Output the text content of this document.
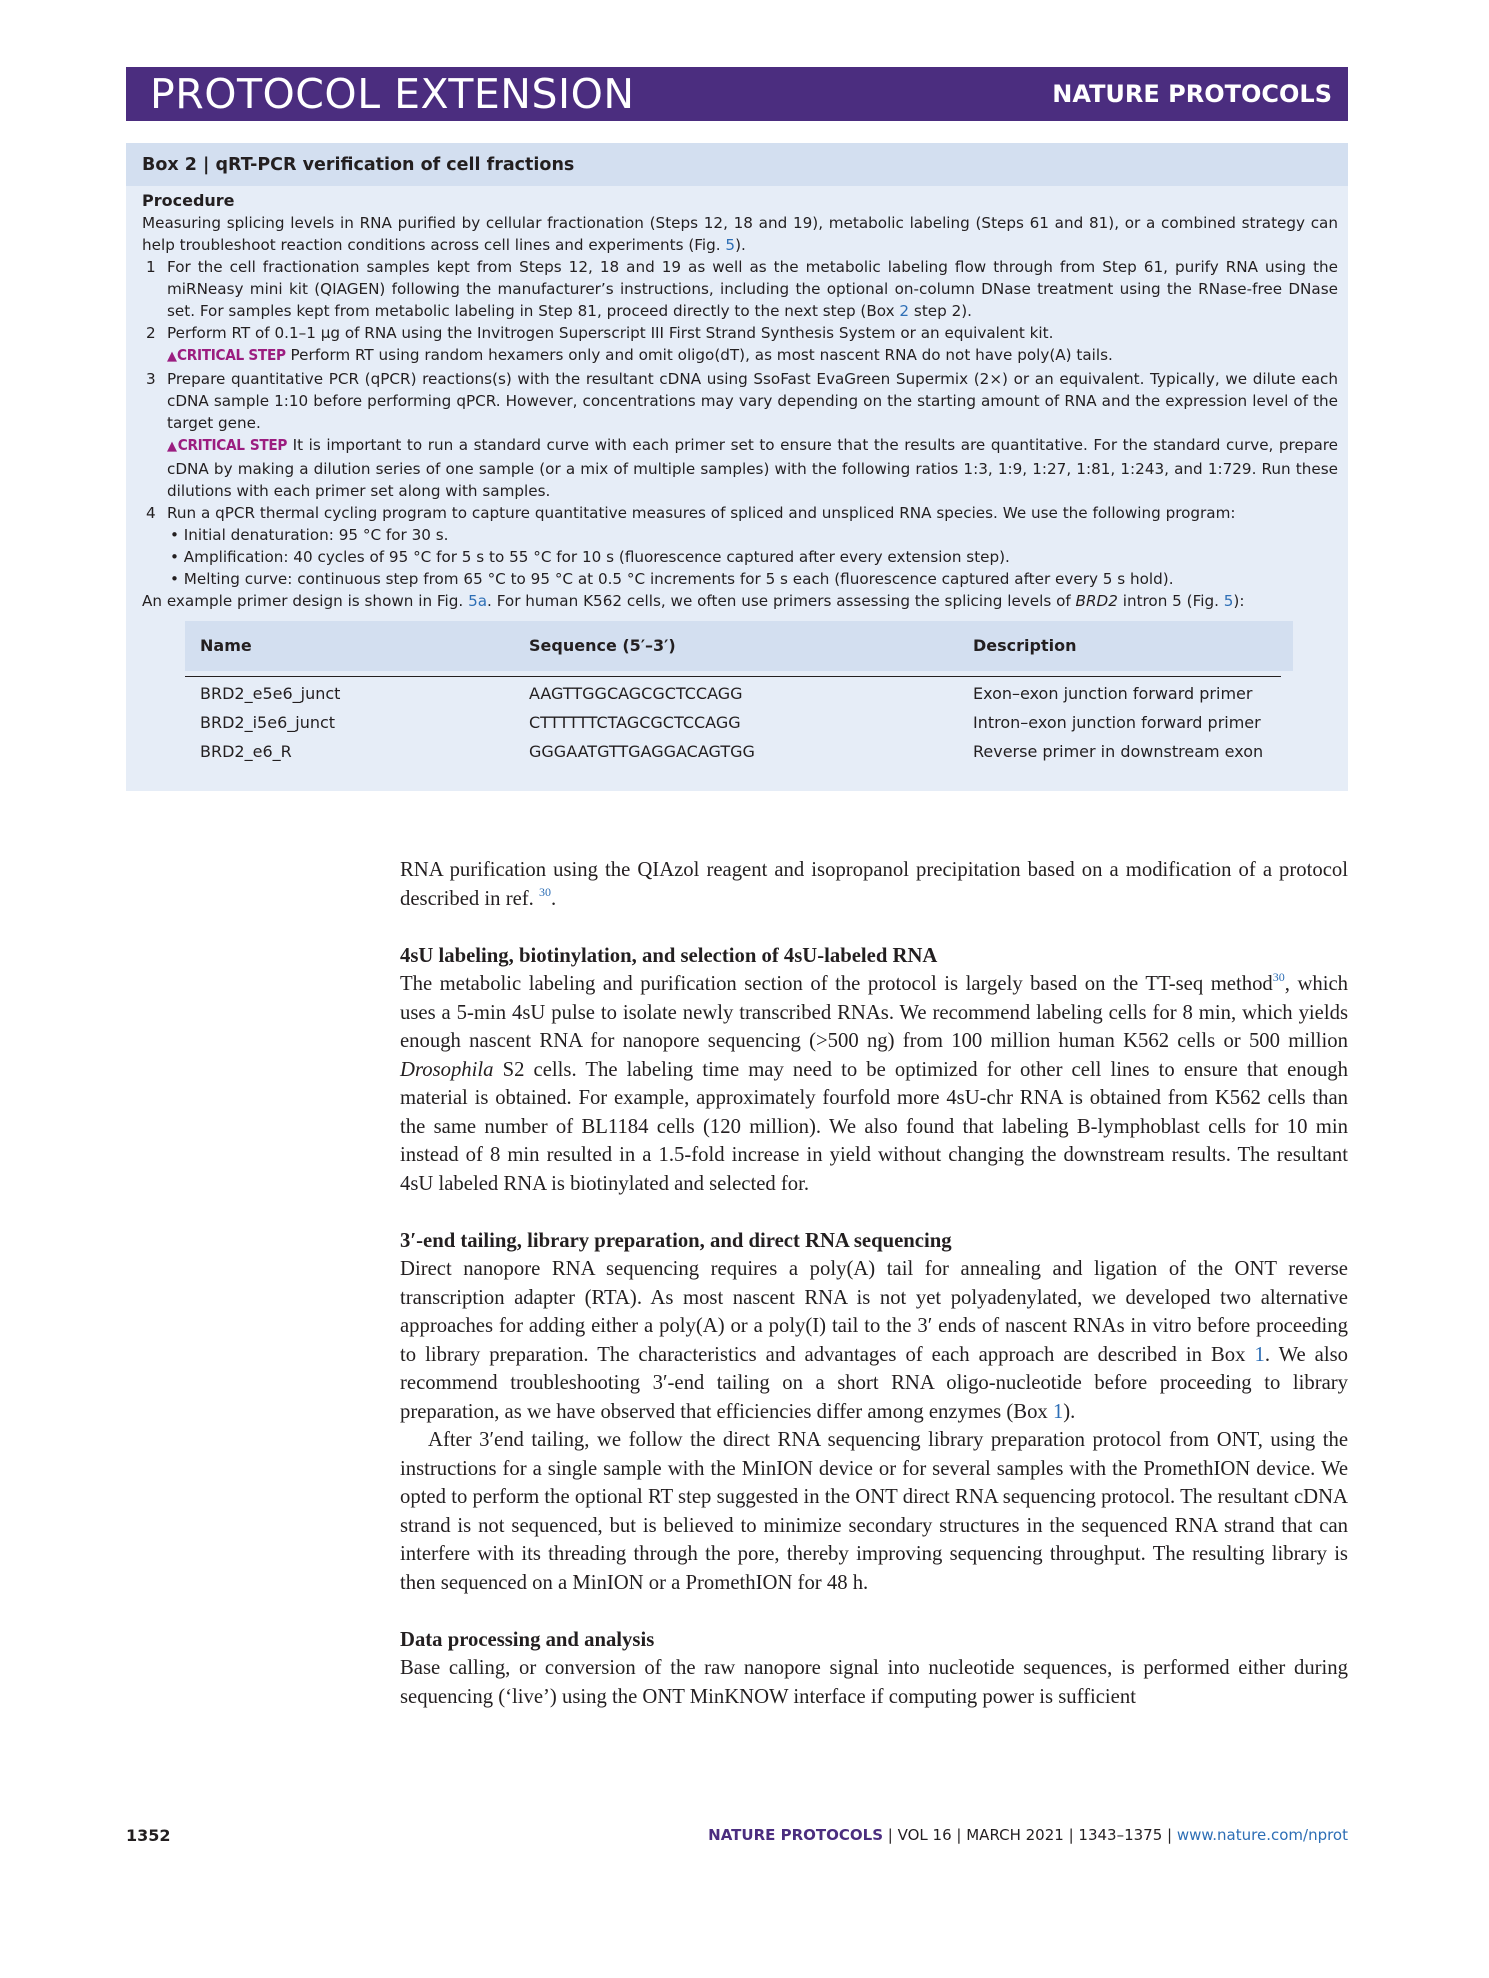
PROTOCOL EXTENSION	NATURE PROTOCOLS
Box 2 | qRT-PCR verification of cell fractions
Procedure

Measuring splicing levels in RNA purified by cellular fractionation (Steps 12, 18 and 19), metabolic labeling (Steps 61 and 81), or a combined strategy can help troubleshoot reaction conditions across cell lines and experiments (Fig. 5).

1 For the cell fractionation samples kept from Steps 12, 18 and 19 as well as the metabolic labeling flow through from Step 61, purify RNA using the miRNeasy mini kit (QIAGEN) following the manufacturer’s instructions, including the optional on-column DNase treatment using the RNase-free DNase set. For samples kept from metabolic labeling in Step 81, proceed directly to the next step (Box 2 step 2).
2 Perform RT of 0.1–1 μg of RNA using the Invitrogen Superscript III First Strand Synthesis System or an equivalent kit.
▲CRITICAL STEP Perform RT using random hexamers only and omit oligo(dT), as most nascent RNA do not have poly(A) tails.
3 Prepare quantitative PCR (qPCR) reactions(s) with the resultant cDNA using SsoFast EvaGreen Supermix (2×) or an equivalent. Typically, we dilute each cDNA sample 1:10 before performing qPCR. However, concentrations may vary depending on the starting amount of RNA and the expression level of the target gene.
▲CRITICAL STEP It is important to run a standard curve with each primer set to ensure that the results are quantitative. For the standard curve, prepare cDNA by making a dilution series of one sample (or a mix of multiple samples) with the following ratios 1:3, 1:9, 1:27, 1:81, 1:243, and 1:729. Run these dilutions with each primer set along with samples.
4 Run a qPCR thermal cycling program to capture quantitative measures of spliced and unspliced RNA species. We use the following program:
• Initial denaturation: 95 °C for 30 s.
• Amplification: 40 cycles of 95 °C for 5 s to 55 °C for 10 s (fluorescence captured after every extension step).
• Melting curve: continuous step from 65 °C to 95 °C at 0.5 °C increments for 5 s each (fluorescence captured after every 5 s hold).

An example primer design is shown in Fig. 5a. For human K562 cells, we often use primers assessing the splicing levels of BRD2 intron 5 (Fig. 5):

Name	Sequence (5′–3′)	Description
BRD2_e5e6_junct	AAGTTGGCAGCGCTCCAGG	Exon–exon junction forward primer
BRD2_i5e6_junct	CTTTTTTCTAGCGCTCCAGG	Intron–exon junction forward primer
BRD2_e6_R	GGGAATGTTGAGGACAGTGG	Reverse primer in downstream exon

RNA purification using the QIAzol reagent and isopropanol precipitation based on a modification of a protocol described in ref. $^{30}$.

4sU labeling, biotinylation, and selection of 4sU-labeled RNA

The metabolic labeling and purification section of the protocol is largely based on the TT-seq method$^{30}$, which uses a 5-min 4sU pulse to isolate newly transcribed RNAs. We recommend labeling cells for 8 min, which yields enough nascent RNA for nanopore sequencing (>500 ng) from 100 million human K562 cells or 500 million Drosophila S2 cells. The labeling time may need to be optimized for other cell lines to ensure that enough material is obtained. For example, approximately fourfold more 4sU-chr RNA is obtained from K562 cells than the same number of BL1184 cells (120 million). We also found that labeling B-lymphoblast cells for 10 min instead of 8 min resulted in a 1.5-fold increase in yield without changing the downstream results. The resultant 4sU labeled RNA is biotinylated and selected for.

3′-end tailing, library preparation, and direct RNA sequencing

Direct nanopore RNA sequencing requires a poly(A) tail for annealing and ligation of the ONT reverse transcription adapter (RTA). As most nascent RNA is not yet polyadenylated, we developed two alternative approaches for adding either a poly(A) or a poly(I) tail to the 3′ ends of nascent RNAs in vitro before proceeding to library preparation. The characteristics and advantages of each approach are described in Box 1. We also recommend troubleshooting 3′-end tailing on a short RNA oligo-nucleotide before proceeding to library preparation, as we have observed that efficiencies differ among enzymes (Box 1).

After 3′end tailing, we follow the direct RNA sequencing library preparation protocol from ONT, using the instructions for a single sample with the MinION device or for several samples with the PromethION device. We opted to perform the optional RT step suggested in the ONT direct RNA sequencing protocol. The resultant cDNA strand is not sequenced, but is believed to minimize secondary structures in the sequenced RNA strand that can interfere with its threading through the pore, thereby improving sequencing throughput. The resulting library is then sequenced on a MinION or a PromethION for 48 h.

Data processing and analysis

Base calling, or conversion of the raw nanopore signal into nucleotide sequences, is performed either during sequencing (‘live’) using the ONT MinKNOW interface if computing power is sufficient

1352	NATURE PROTOCOLS | VOL 16 | MARCH 2021 | 1343–1375 | www.nature.com/nprot
